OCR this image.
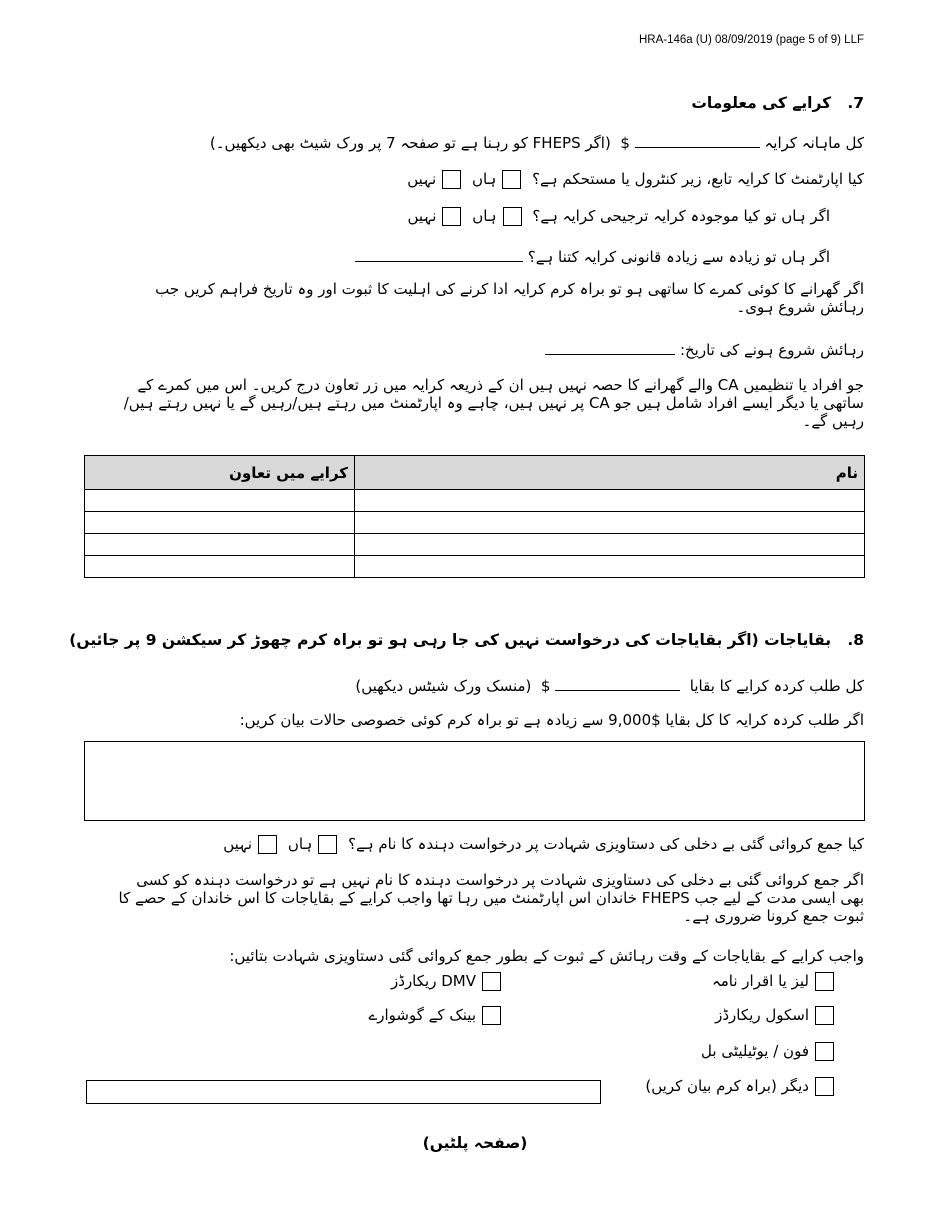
HRA-146a (U) 08/09/2019 (page 5 of 9) LLF
7.   کرایے کی معلومات
کل ماہانہ کرایہ  $  (اگر FHEPS کو رہنا ہے تو صفحہ 7 پر ورک شیٹ بھی دیکھیں۔)
کیا اپارٹمنٹ کا کرایہ تابع، زیر کنٹرول یا مستحکم ہے؟ ہاں نہیں
اگر ہاں تو کیا موجودہ کرایہ ترجیحی کرایہ ہے؟ ہاں نہیں
اگر ہاں تو زیادہ سے زیادہ قانونی کرایہ کتنا ہے؟
اگر گھرانے کا کوئی کمرے کا ساتھی ہو تو براہ کرم کرایہ ادا کرنے کی اہلیت کا ثبوت اور وہ تاریخ فراہم کریں جب رہائش شروع ہوی۔
رہائش شروع ہونے کی تاریخ:
جو افراد یا تنظیمیں CA والے گھرانے کا حصہ نہیں ہیں ان کے ذریعہ کرایہ میں زر تعاون درج کریں۔ اس میں کمرے کے ساتھی یا دیگر ایسے افراد شامل ہیں جو CA پر نہیں ہیں، چاہے وہ اپارٹمنٹ میں رہتے ہیں/رہیں گے یا نہیں رہتے ہیں/رہیں گے۔
نام	کرایے میں تعاون

8.   بقایاجات (اگر بقایاجات کی درخواست نہیں کی جا رہی ہو تو براہ کرم چھوڑ کر سیکشن 9 پر جائیں)
کل طلب کردہ کرایے کا بقایا   $  (منسک ورک شیٹس دیکھیں)
اگر طلب کردہ کرایہ کا کل بقایا $9,000 سے زیادہ ہے تو براہ کرم کوئی خصوصی حالات بیان کریں:
کیا جمع کروائی گئی بے دخلی کی دستاویزی شہادت پر درخواست دہندہ کا نام ہے؟ ہاں نہیں
اگر جمع کروائی گئی بے دخلی کی دستاویزی شہادت پر درخواست دہندہ کا نام نہیں ہے تو درخواست دہندہ کو کسی بھی ایسی مدت کے لیے جب FHEPS خاندان اس اپارٹمنٹ میں رہا تھا واجب کرایے کے بقایاجات کا اس خاندان کے حصے کا ثبوت جمع کرونا ضروری ہے۔
واجب کرایے کے بقایاجات کے وقت رہائش کے ثبوت کے بطور جمع کروائی گئی دستاویزی شہادت بتائیں:
لیز یا اقرار نامہ
اسکول ریکارڈز
فون / یوٹیلیٹی بل
دیگر (براہ کرم بیان کریں)
DMV ریکارڈز
بینک کے گوشوارے
(صفحہ پلٹیں)
